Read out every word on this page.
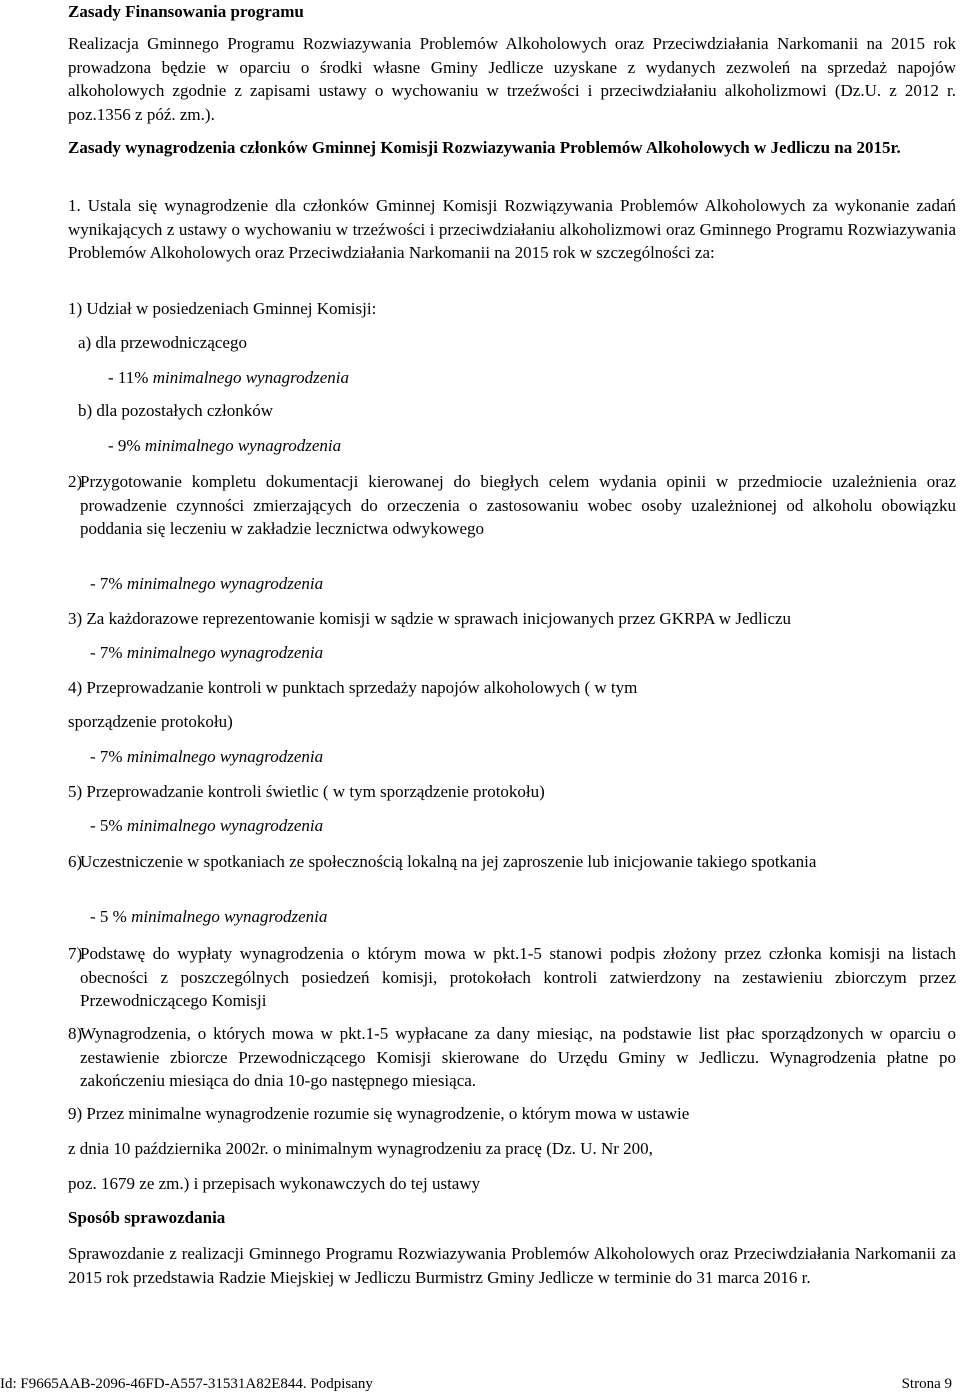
Zasady Finansowania programu

Realizacja Gminnego Programu Rozwiazywania Problemów Alkoholowych oraz Przeciwdziałania Narkomanii na 2015 rok prowadzona będzie w oparciu o środki własne Gminy Jedlicze uzyskane z wydanych zezwoleń na sprzedaż napojów alkoholowych zgodnie z zapisami ustawy o wychowaniu w trzeźwości i przeciwdziałaniu alkoholizmowi (Dz.U. z 2012 r. poz.1356 z póź. zm.).

Zasady wynagrodzenia członków Gminnej Komisji Rozwiazywania Problemów Alkoholowych w Jedliczu na 2015r.

1. Ustala się wynagrodzenie dla członków Gminnej Komisji Rozwiązywania Problemów Alkoholowych za wykonanie zadań wynikających z ustawy o wychowaniu w trzeźwości i przeciwdziałaniu alkoholizmowi oraz Gminnego Programu Rozwiazywania Problemów Alkoholowych oraz Przeciwdziałania Narkomanii na 2015 rok w szczególności za:

1) Udział w posiedzeniach Gminnej Komisji:

a) dla przewodniczącego

- 11% minimalnego wynagrodzenia

b) dla pozostałych członków

- 9% minimalnego wynagrodzenia

2)

Przygotowanie kompletu dokumentacji kierowanej do biegłych celem wydania opinii w przedmiocie uzależnienia oraz prowadzenie czynności zmierzających do orzeczenia o zastosowaniu wobec osoby uzależnionej od alkoholu obowiązku poddania się leczeniu w zakładzie lecznictwa odwykowego

- 7% minimalnego wynagrodzenia

3) Za każdorazowe reprezentowanie komisji w sądzie w sprawach inicjowanych przez GKRPA w Jedliczu

- 7% minimalnego wynagrodzenia

4) Przeprowadzanie kontroli w punktach sprzedaży napojów alkoholowych ( w tym

sporządzenie protokołu)

- 7% minimalnego wynagrodzenia

5) Przeprowadzanie kontroli świetlic ( w tym sporządzenie protokołu)

- 5% minimalnego wynagrodzenia

6)

Uczestniczenie w spotkaniach ze społecznością lokalną na jej zaproszenie lub inicjowanie takiego spotkania

- 5 % minimalnego wynagrodzenia

7)

Podstawę do wypłaty wynagrodzenia o którym mowa w pkt.1-5 stanowi podpis złożony przez członka komisji na listach obecności z poszczególnych posiedzeń komisji, protokołach kontroli zatwierdzony na zestawieniu zbiorczym przez Przewodniczącego Komisji

8)

Wynagrodzenia, o których mowa w pkt.1-5 wypłacane za dany miesiąc, na podstawie list płac sporządzonych w oparciu o zestawienie zbiorcze Przewodniczącego Komisji skierowane do Urzędu Gminy w Jedliczu. Wynagrodzenia płatne po zakończeniu miesiąca do dnia 10-go następnego miesiąca.

9) Przez minimalne wynagrodzenie rozumie się wynagrodzenie, o którym mowa w ustawie

z dnia 10 października 2002r. o minimalnym wynagrodzeniu za pracę (Dz. U. Nr 200,

poz. 1679 ze zm.) i przepisach wykonawczych do tej ustawy

Sposób sprawozdania

Sprawozdanie z realizacji Gminnego Programu Rozwiazywania Problemów Alkoholowych oraz Przeciwdziałania Narkomanii za 2015 rok przedstawia Radzie Miejskiej w Jedliczu Burmistrz Gminy Jedlicze w terminie do 31 marca 2016 r.

Id: F9665AAB-2096-46FD-A557-31531A82E844. Podpisany	Strona 9
